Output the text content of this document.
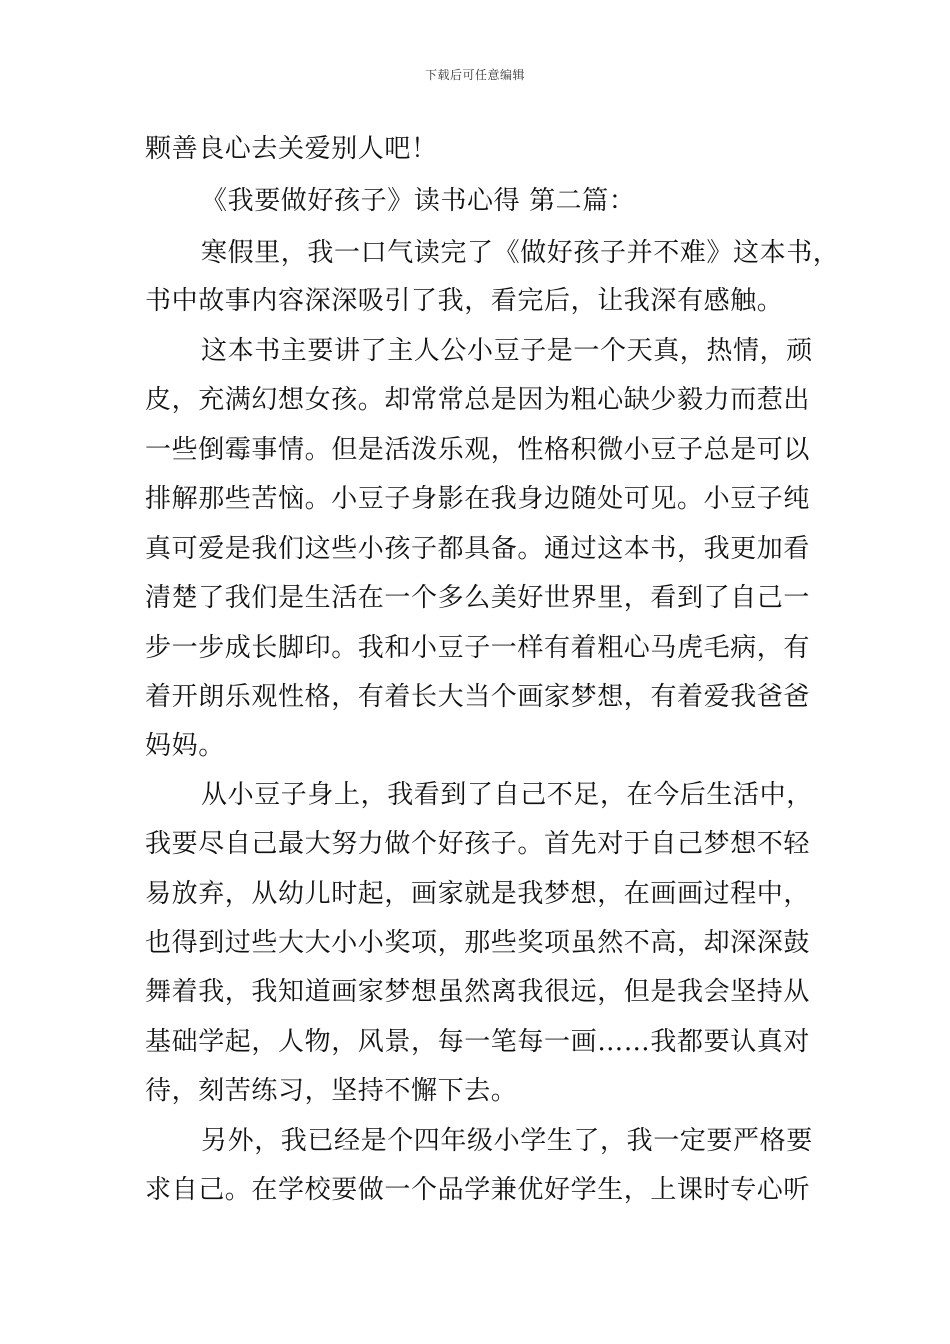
下载后可任意编辑
颗善良心去关爱别人吧！
《我要做好孩子》读书心得 第二篇：
寒假里，我一口气读完了《做好孩子并不难》这本书，
书中故事内容深深吸引了我，看完后，让我深有感触。
这本书主要讲了主人公小豆子是一个天真，热情，顽
皮，充满幻想女孩。却常常总是因为粗心缺少毅力而惹出
一些倒霉事情。但是活泼乐观，性格积微小豆子总是可以
排解那些苦恼。小豆子身影在我身边随处可见。小豆子纯
真可爱是我们这些小孩子都具备。通过这本书，我更加看
清楚了我们是生活在一个多么美好世界里，看到了自己一
步一步成长脚印。我和小豆子一样有着粗心马虎毛病，有
着开朗乐观性格，有着长大当个画家梦想，有着爱我爸爸
妈妈。
从小豆子身上，我看到了自己不足，在今后生活中，
我要尽自己最大努力做个好孩子。首先对于自己梦想不轻
易放弃，从幼儿时起，画家就是我梦想，在画画过程中，
也得到过些大大小小奖项，那些奖项虽然不高，却深深鼓
舞着我，我知道画家梦想虽然离我很远，但是我会坚持从
基础学起，人物，风景，每一笔每一画……我都要认真对
待，刻苦练习，坚持不懈下去。
另外，我已经是个四年级小学生了，我一定要严格要
求自己。在学校要做一个品学兼优好学生，上课时专心听
